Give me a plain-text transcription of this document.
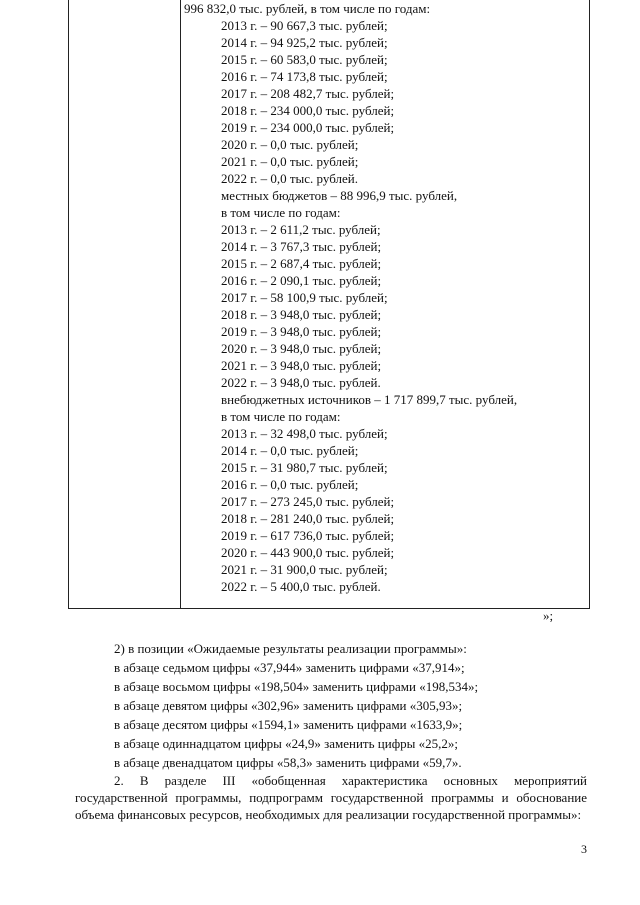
996 832,0 тыс. рублей, в том числе по годам:
2013 г. – 90 667,3 тыс. рублей;
2014 г. – 94 925,2 тыс. рублей;
2015 г. – 60 583,0 тыс. рублей;
2016 г. – 74 173,8 тыс. рублей;
2017 г. – 208 482,7 тыс. рублей;
2018 г. – 234 000,0 тыс. рублей;
2019 г. – 234 000,0 тыс. рублей;
2020 г. – 0,0 тыс. рублей;
2021 г. – 0,0 тыс. рублей;
2022 г. – 0,0 тыс. рублей.
местных бюджетов – 88 996,9 тыс. рублей,
в том числе по годам:
2013 г. – 2 611,2 тыс. рублей;
2014 г. – 3 767,3 тыс. рублей;
2015 г. – 2 687,4 тыс. рублей;
2016 г. – 2 090,1 тыс. рублей;
2017 г. – 58 100,9 тыс. рублей;
2018 г. – 3 948,0 тыс. рублей;
2019 г. – 3 948,0 тыс. рублей;
2020 г. – 3 948,0 тыс. рублей;
2021 г. – 3 948,0 тыс. рублей;
2022 г. – 3 948,0 тыс. рублей.
внебюджетных источников – 1 717 899,7 тыс. рублей,
в том числе по годам:
2013 г. – 32 498,0 тыс. рублей;
2014 г. – 0,0 тыс. рублей;
2015 г. – 31 980,7 тыс. рублей;
2016 г. – 0,0 тыс. рублей;
2017 г. – 273 245,0 тыс. рублей;
2018 г. – 281 240,0 тыс. рублей;
2019 г. – 617 736,0 тыс. рублей;
2020 г. – 443 900,0 тыс. рублей;
2021 г. – 31 900,0 тыс. рублей;
2022 г. – 5 400,0 тыс. рублей.
»;
2) в позиции «Ожидаемые результаты реализации программы»:
в абзаце седьмом цифры «37,944» заменить цифрами «37,914»;
в абзаце восьмом цифры «198,504» заменить цифрами «198,534»;
в абзаце девятом цифры «302,96» заменить цифрами «305,93»;
в абзаце десятом цифры «1594,1» заменить цифрами «1633,9»;
в абзаце одиннадцатом цифры «24,9» заменить цифры «25,2»;
в абзаце двенадцатом цифры «58,3» заменить цифрами «59,7».
2. В разделе III «обобщенная характеристика основных мероприятий государственной программы, подпрограмм государственной программы и обоснование объема финансовых ресурсов, необходимых для реализации государственной программы»:
3
